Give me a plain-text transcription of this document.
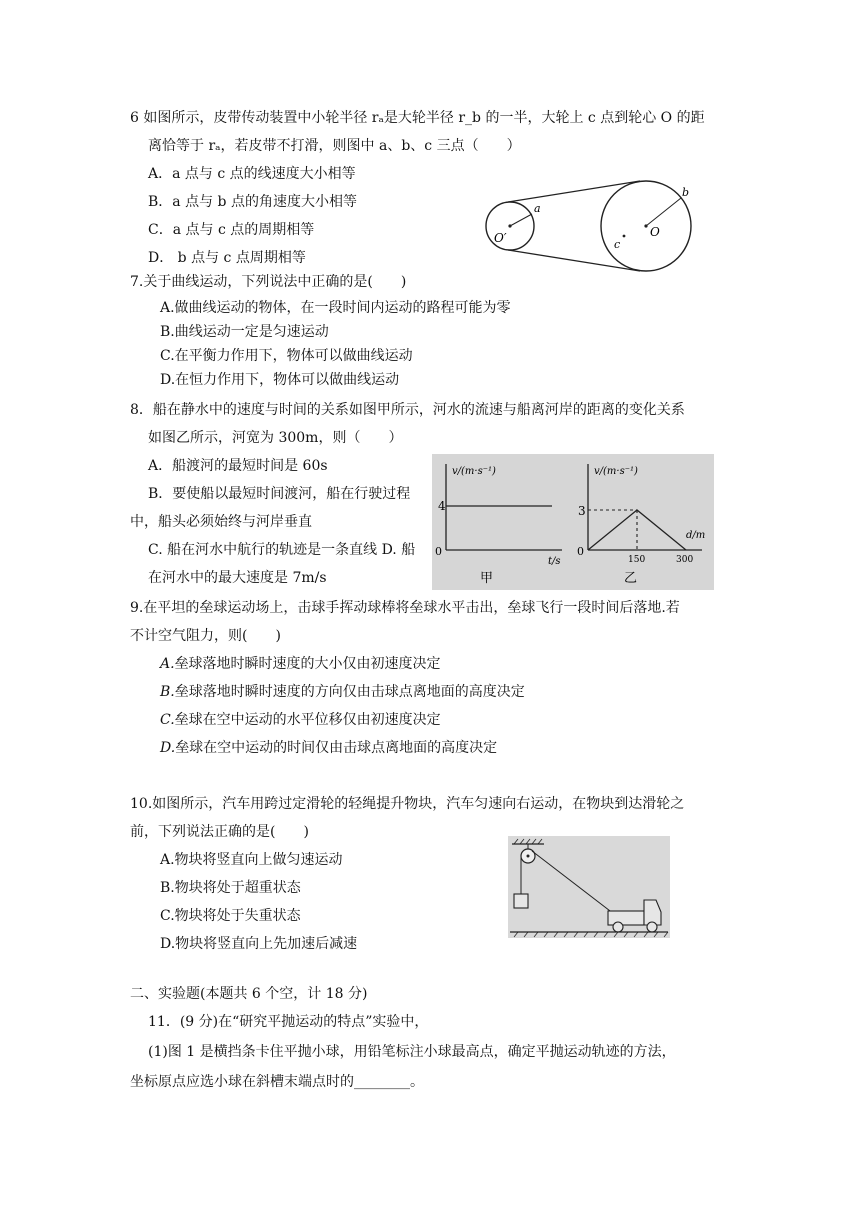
6 如图所示，皮带传动装置中小轮半径 rₐ是大轮半径 r_b 的一半，大轮上 c 点到轮心 O 的距
离恰等于 rₐ，若皮带不打滑，则图中 a、b、c 三点（　　）
A．a 点与 c 点的线速度大小相等
B．a 点与 b 点的角速度大小相等
C．a 点与 c 点的周期相等
D． b 点与 c 点周期相等
O′
a
b
c
O
7.关于曲线运动，下列说法中正确的是(　　)
A.做曲线运动的物体，在一段时间内运动的路程可能为零
B.曲线运动一定是匀速运动
C.在平衡力作用下，物体可以做曲线运动
D.在恒力作用下，物体可以做曲线运动
8．船在静水中的速度与时间的关系如图甲所示，河水的流速与船离河岸的距离的变化关系
如图乙所示，河宽为 300m，则（　　）
A．船渡河的最短时间是 60s
B．要使船以最短时间渡河，船在行驶过程
中，船头必须始终与河岸垂直
C. 船在河水中航行的轨迹是一条直线 D. 船
在河水中的最大速度是 7m/s
v/(m·s⁻¹)
4
0
t/s
甲
v/(m·s⁻¹)
3
0
150	300
d/m
乙
9.在平坦的垒球运动场上，击球手挥动球棒将垒球水平击出，垒球飞行一段时间后落地.若
不计空气阻力，则(　　)
A.垒球落地时瞬时速度的大小仅由初速度决定
B.垒球落地时瞬时速度的方向仅由击球点离地面的高度决定
C.垒球在空中运动的水平位移仅由初速度决定
D.垒球在空中运动的时间仅由击球点离地面的高度决定
10.如图所示，汽车用跨过定滑轮的轻绳提升物块，汽车匀速向右运动，在物块到达滑轮之
前，下列说法正确的是(　　)
A.物块将竖直向上做匀速运动
B.物块将处于超重状态
C.物块将处于失重状态
D.物块将竖直向上先加速后减速
二、实验题(本题共 6 个空，计 18 分)
11．(9 分)在“研究平抛运动的特点”实验中，
(1)图 1 是横挡条卡住平抛小球，用铅笔标注小球最高点，确定平抛运动轨迹的方法，
坐标原点应选小球在斜槽末端点时的________。
